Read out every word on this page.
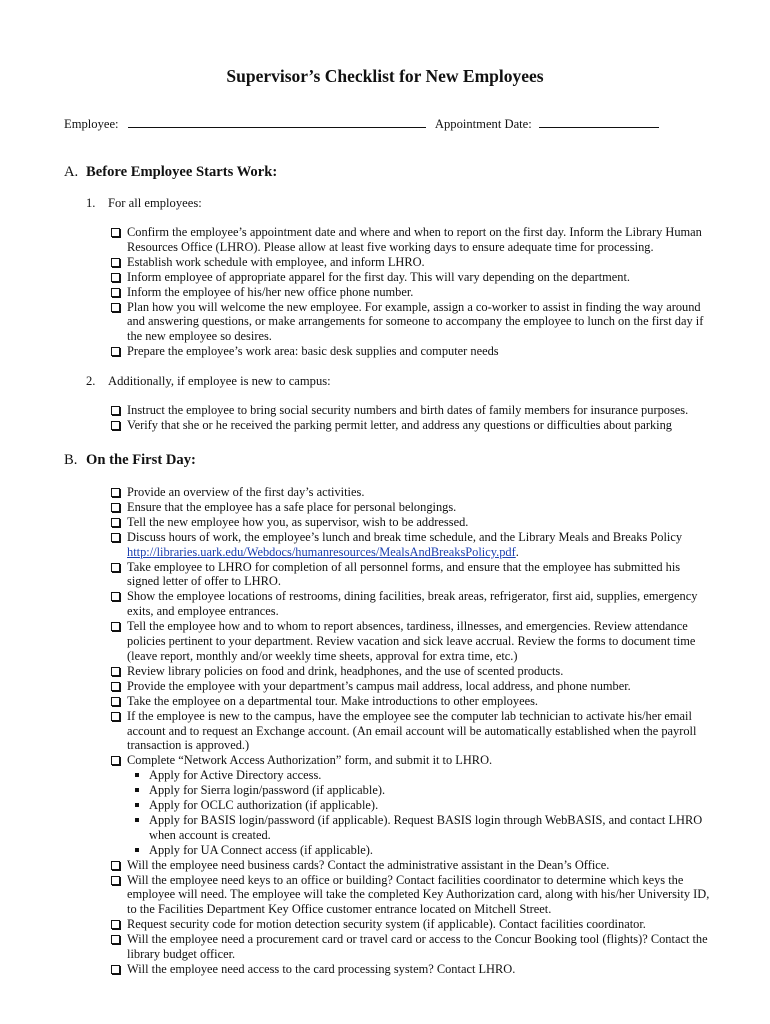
Supervisor’s Checklist for New Employees
Employee:	Appointment Date:
A. Before Employee Starts Work:
1. For all employees:
Confirm the employee’s appointment date and where and when to report on the first day. Inform the Library Human Resources Office (LHRO). Please allow at least five working days to ensure adequate time for processing.
Establish work schedule with employee, and inform LHRO.
Inform employee of appropriate apparel for the first day. This will vary depending on the department.
Inform the employee of his/her new office phone number.
Plan how you will welcome the new employee. For example, assign a co-worker to assist in finding the way around and answering questions, or make arrangements for someone to accompany the employee to lunch on the first day if the new employee so desires.
Prepare the employee’s work area: basic desk supplies and computer needs
2. Additionally, if employee is new to campus:
Instruct the employee to bring social security numbers and birth dates of family members for insurance purposes.
Verify that she or he received the parking permit letter, and address any questions or difficulties about parking
B. On the First Day:
Provide an overview of the first day’s activities.
Ensure that the employee has a safe place for personal belongings.
Tell the new employee how you, as supervisor, wish to be addressed.
Discuss hours of work, the employee’s lunch and break time schedule, and the Library Meals and Breaks Policy
http://libraries.uark.edu/Webdocs/humanresources/MealsAndBreaksPolicy.pdf.
Take employee to LHRO for completion of all personnel forms, and ensure that the employee has submitted his signed letter of offer to LHRO.
Show the employee locations of restrooms, dining facilities, break areas, refrigerator, first aid, supplies, emergency exits, and employee entrances.
Tell the employee how and to whom to report absences, tardiness, illnesses, and emergencies. Review attendance policies pertinent to your department. Review vacation and sick leave accrual. Review the forms to document time (leave report, monthly and/or weekly time sheets, approval for extra time, etc.)
Review library policies on food and drink, headphones, and the use of scented products.
Provide the employee with your department’s campus mail address, local address, and phone number.
Take the employee on a departmental tour. Make introductions to other employees.
If the employee is new to the campus, have the employee see the computer lab technician to activate his/her email account and to request an Exchange account. (An email account will be automatically established when the payroll transaction is approved.)
Complete “Network Access Authorization” form, and submit it to LHRO.
Apply for Active Directory access.
Apply for Sierra login/password (if applicable).
Apply for OCLC authorization (if applicable).
Apply for BASIS login/password (if applicable). Request BASIS login through WebBASIS, and contact LHRO when account is created.
Apply for UA Connect access (if applicable).
Will the employee need business cards? Contact the administrative assistant in the Dean’s Office.
Will the employee need keys to an office or building? Contact facilities coordinator to determine which keys the employee will need. The employee will take the completed Key Authorization card, along with his/her University ID, to the Facilities Department Key Office customer entrance located on Mitchell Street.
Request security code for motion detection security system (if applicable). Contact facilities coordinator.
Will the employee need a procurement card or travel card or access to the Concur Booking tool (flights)? Contact the library budget officer.
Will the employee need access to the card processing system? Contact LHRO.
